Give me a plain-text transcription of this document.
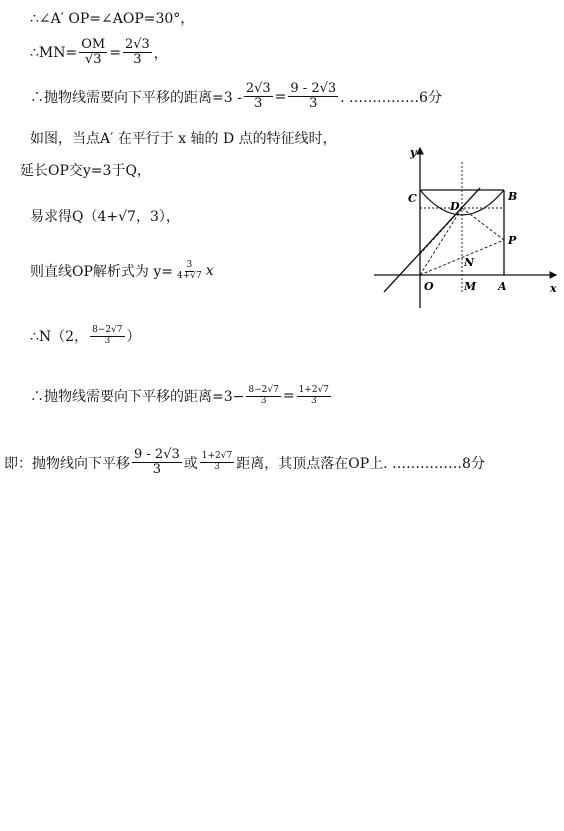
∴∠A′ OP=∠AOP=30°，
∴MN= $\frac{OM}{√3} = \frac{2√3}{3}$ ，
∴抛物线需要向下平移的距离$=3 - \frac{2√3}{3} = \frac{9 - 2√3}{3}$ . ……………6分
如图，当点A′ 在平行于 x 轴的 D 点的特征线时，
延长OP交y=3于Q，
易求得Q（4+√7，3），
则直线OP解析式为 $y= \frac{3}{4+√7}$ x
∴N（2， $\frac{8-2√7}{3}$ ）
∴抛物线需要向下平移的距离$=3- \frac{8-2√7}{3} = \frac{1+2√7}{3}$
即：抛物线向下平移 $\frac{9 - 2√3}{3}$ 或 $\frac{1+2√7}{3}$ 距离，其顶点落在OP上. ……………8分
y
x
C	B
D
P
N
O	M A
